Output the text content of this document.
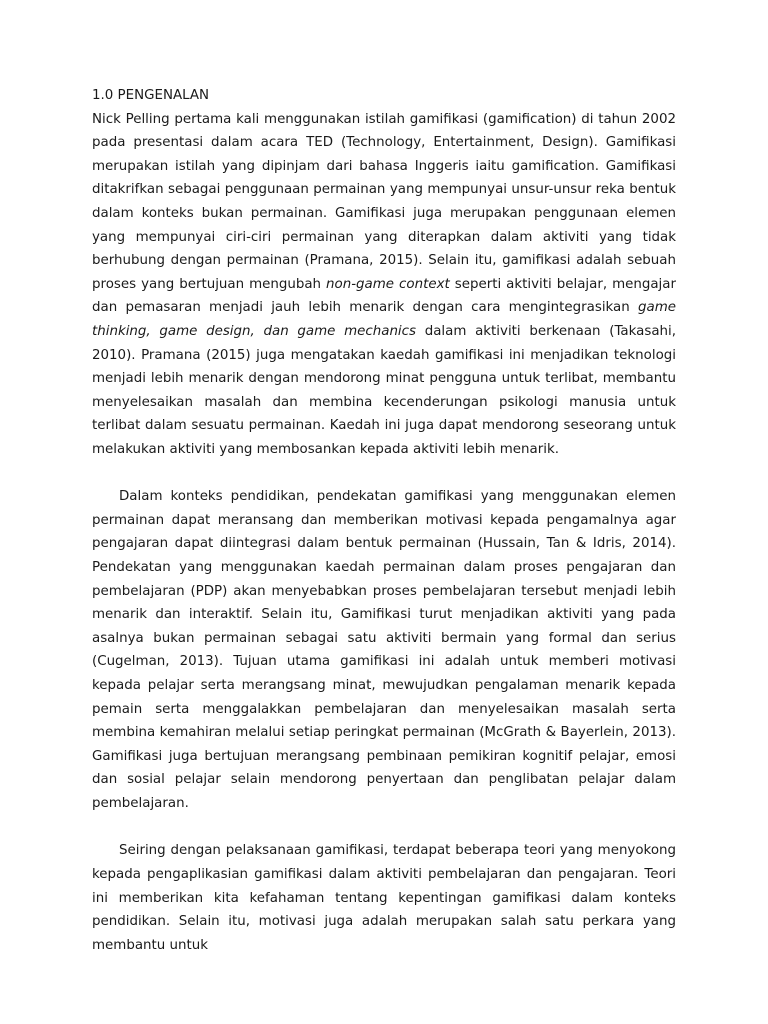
1.0 PENGENALAN

Nick Pelling pertama kali menggunakan istilah gamifikasi (gamification) di tahun 2002 pada presentasi dalam acara TED (Technology, Entertainment, Design). Gamifikasi merupakan istilah yang dipinjam dari bahasa Inggeris iaitu gamification. Gamifikasi ditakrifkan sebagai penggunaan permainan yang mempunyai unsur-unsur reka bentuk dalam konteks bukan permainan. Gamifikasi juga merupakan penggunaan elemen yang mempunyai ciri-ciri permainan yang diterapkan dalam aktiviti yang tidak berhubung dengan permainan (Pramana, 2015). Selain itu, gamifikasi adalah sebuah proses yang bertujuan mengubah non-game context seperti aktiviti belajar, mengajar dan pemasaran menjadi jauh lebih menarik dengan cara mengintegrasikan game thinking, game design, dan game mechanics dalam aktiviti berkenaan (Takasahi, 2010). Pramana (2015) juga mengatakan kaedah gamifikasi ini menjadikan teknologi menjadi lebih menarik dengan mendorong minat pengguna untuk terlibat, membantu menyelesaikan masalah dan membina kecenderungan psikologi manusia untuk terlibat dalam sesuatu permainan. Kaedah ini juga dapat mendorong seseorang untuk melakukan aktiviti yang membosankan kepada aktiviti lebih menarik.

Dalam konteks pendidikan, pendekatan gamifikasi yang menggunakan elemen permainan dapat meransang dan memberikan motivasi kepada pengamalnya agar pengajaran dapat diintegrasi dalam bentuk permainan (Hussain, Tan & Idris, 2014). Pendekatan yang menggunakan kaedah permainan dalam proses pengajaran dan pembelajaran (PDP) akan menyebabkan proses pembelajaran tersebut menjadi lebih menarik dan interaktif. Selain itu, Gamifikasi turut menjadikan aktiviti yang pada asalnya bukan permainan sebagai satu aktiviti bermain yang formal dan serius (Cugelman, 2013). Tujuan utama gamifikasi ini adalah untuk memberi motivasi kepada pelajar serta merangsang minat, mewujudkan pengalaman menarik kepada pemain serta menggalakkan pembelajaran dan menyelesaikan masalah serta membina kemahiran melalui setiap peringkat permainan (McGrath & Bayerlein, 2013). Gamifikasi juga bertujuan merangsang pembinaan pemikiran kognitif pelajar, emosi dan sosial pelajar selain mendorong penyertaan dan penglibatan pelajar dalam pembelajaran.

Seiring dengan pelaksanaan gamifikasi, terdapat beberapa teori yang menyokong kepada pengaplikasian gamifikasi dalam aktiviti pembelajaran dan pengajaran. Teori ini memberikan kita kefahaman tentang kepentingan gamifikasi dalam konteks pendidikan. Selain itu, motivasi juga adalah merupakan salah satu perkara yang membantu untuk
